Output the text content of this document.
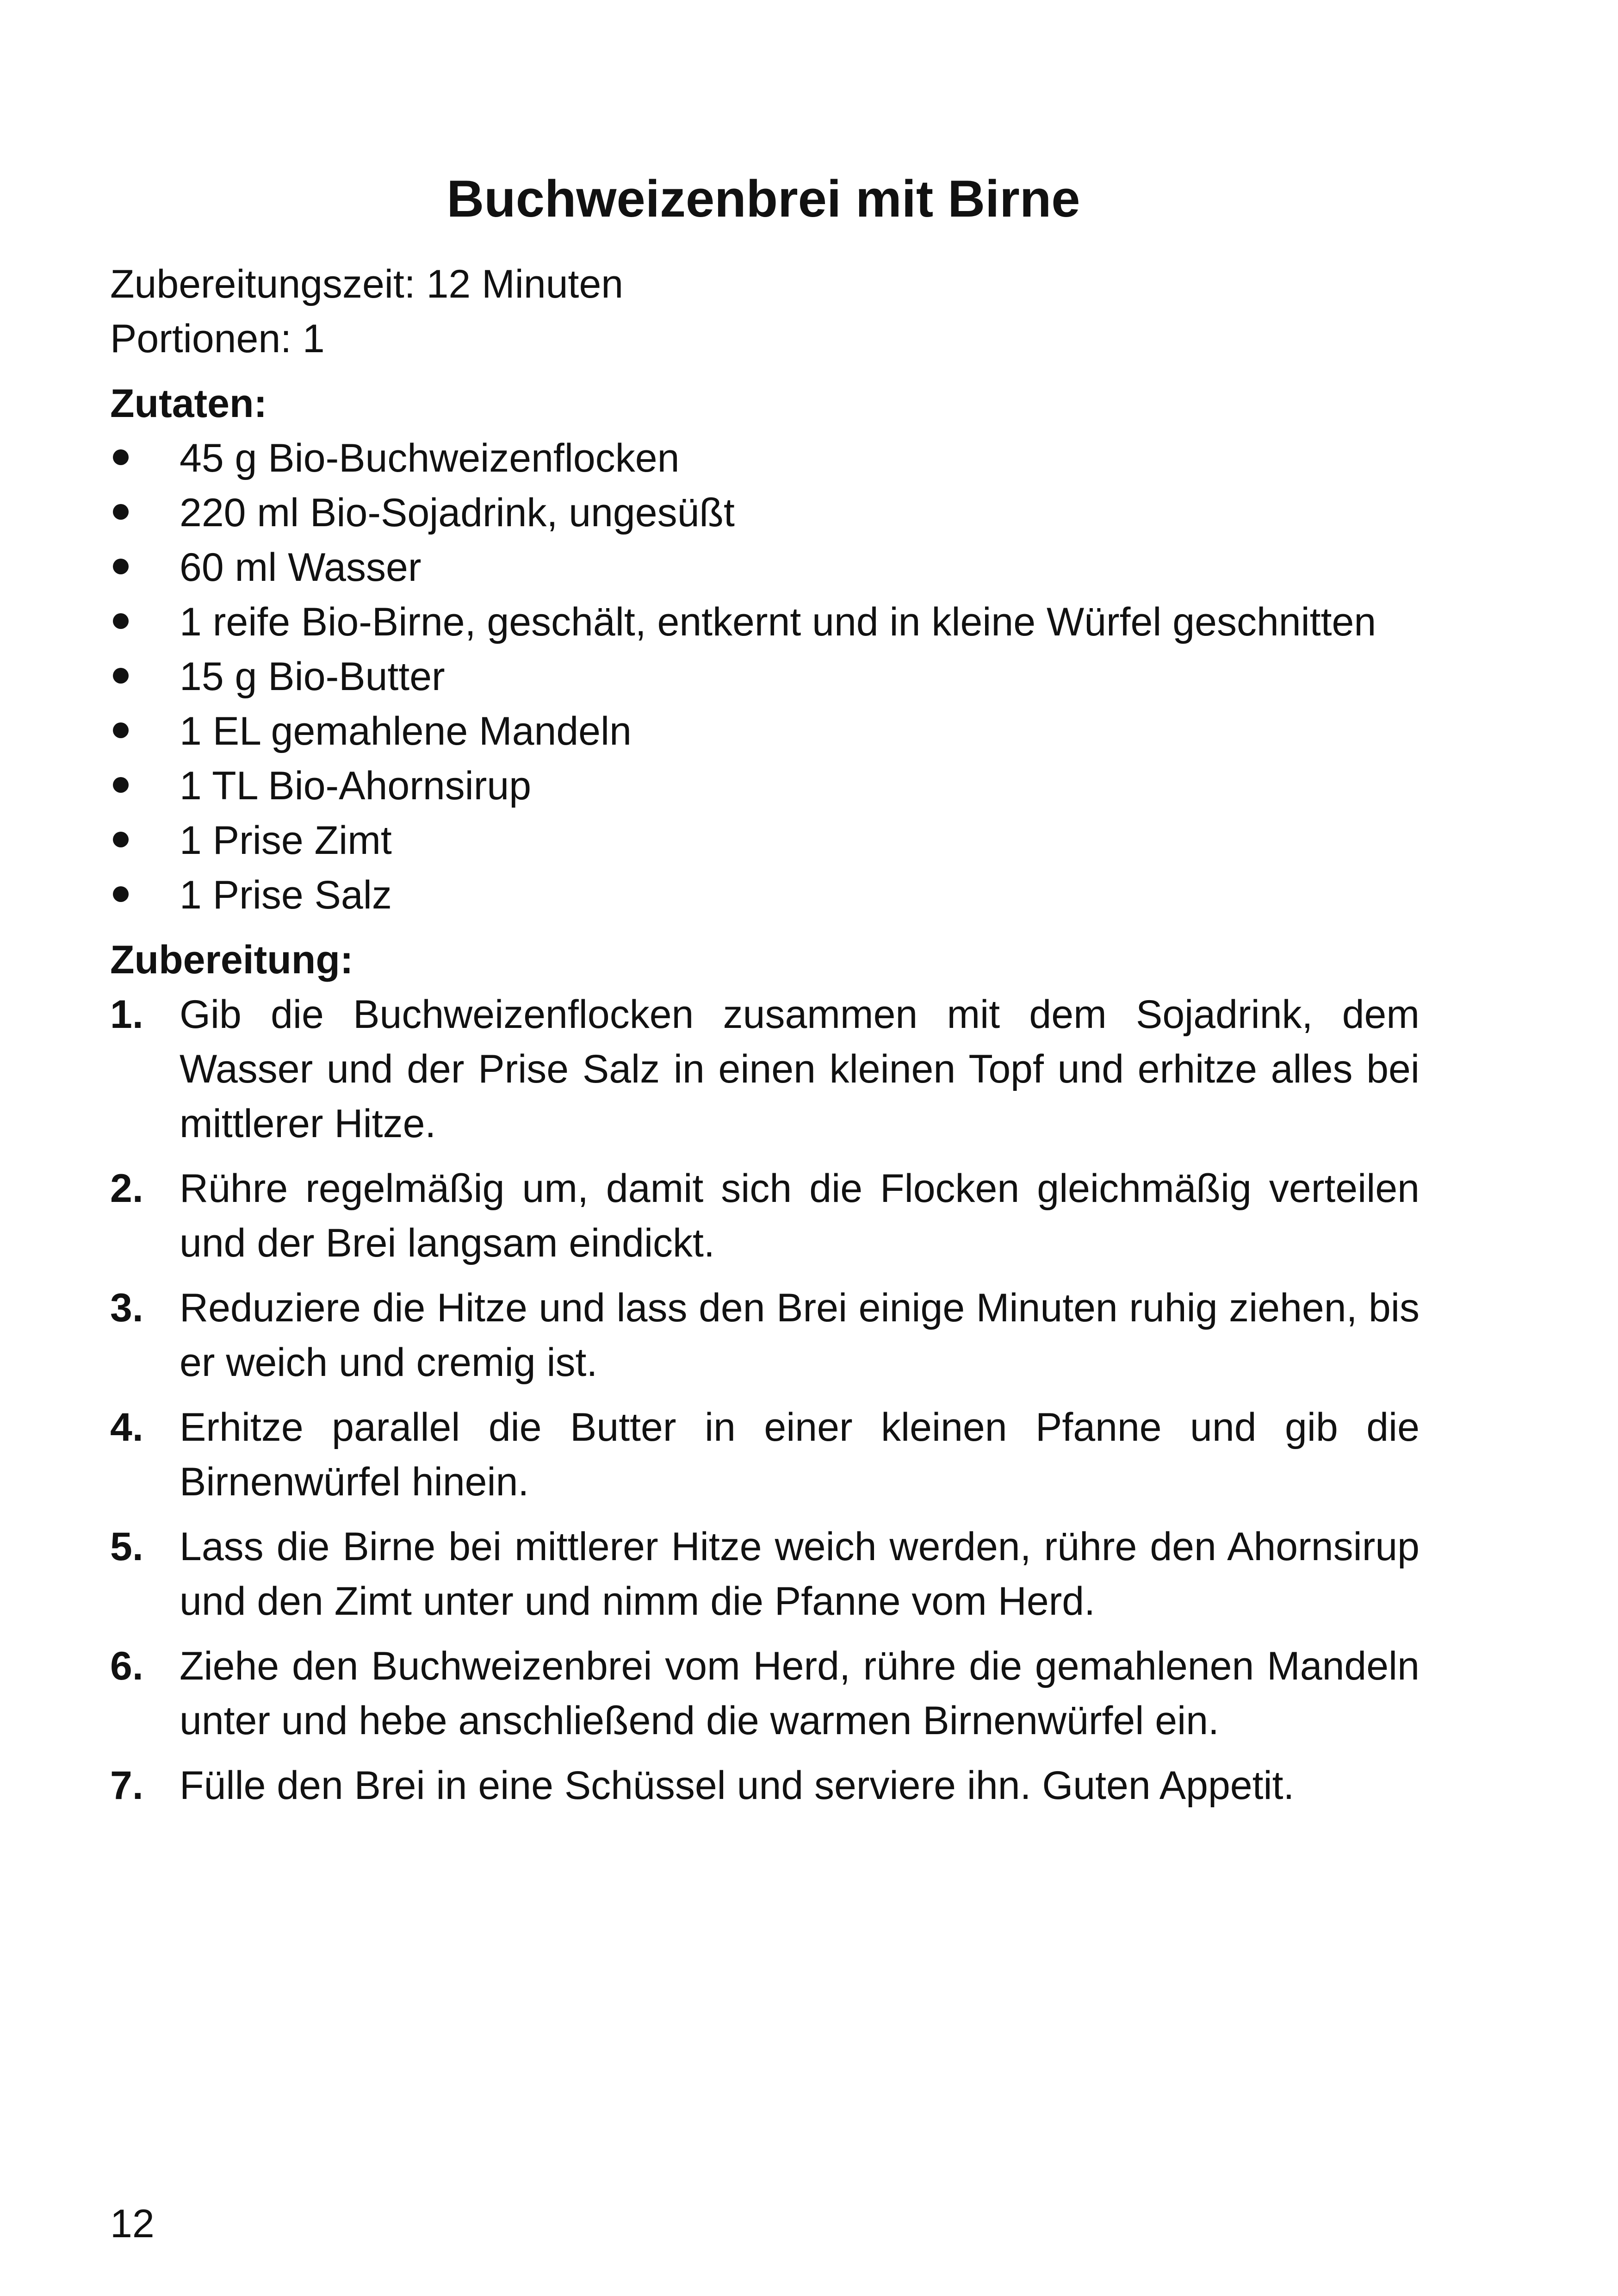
Buchweizenbrei mit Birne

Zubereitungszeit: 12 Minuten

Portionen: 1

Zutaten:

45 g Bio-Buchweizenflocken
220 ml Bio-Sojadrink, ungesüßt
60 ml Wasser
1 reife Bio-Birne, geschält, entkernt und in kleine Würfel geschnitten
15 g Bio-Butter
1 EL gemahlene Mandeln
1 TL Bio-Ahornsirup
1 Prise Zimt
1 Prise Salz

Zubereitung:

1. Gib die Buchweizenflocken zusammen mit dem Sojadrink, dem Wasser und der Prise Salz in einen kleinen Topf und erhitze alles bei mittlerer Hitze.
2. Rühre regelmäßig um, damit sich die Flocken gleichmäßig verteilen und der Brei langsam eindickt.
3. Reduziere die Hitze und lass den Brei einige Minuten ruhig ziehen, bis er weich und cremig ist.
4. Erhitze parallel die Butter in einer kleinen Pfanne und gib die Birnenwürfel hinein.
5. Lass die Birne bei mittlerer Hitze weich werden, rühre den Ahornsirup und den Zimt unter und nimm die Pfanne vom Herd.
6. Ziehe den Buchweizenbrei vom Herd, rühre die gemahlenen Mandeln unter und hebe anschließend die warmen Birnenwürfel ein.
7. Fülle den Brei in eine Schüssel und serviere ihn. Guten Appetit.
12
